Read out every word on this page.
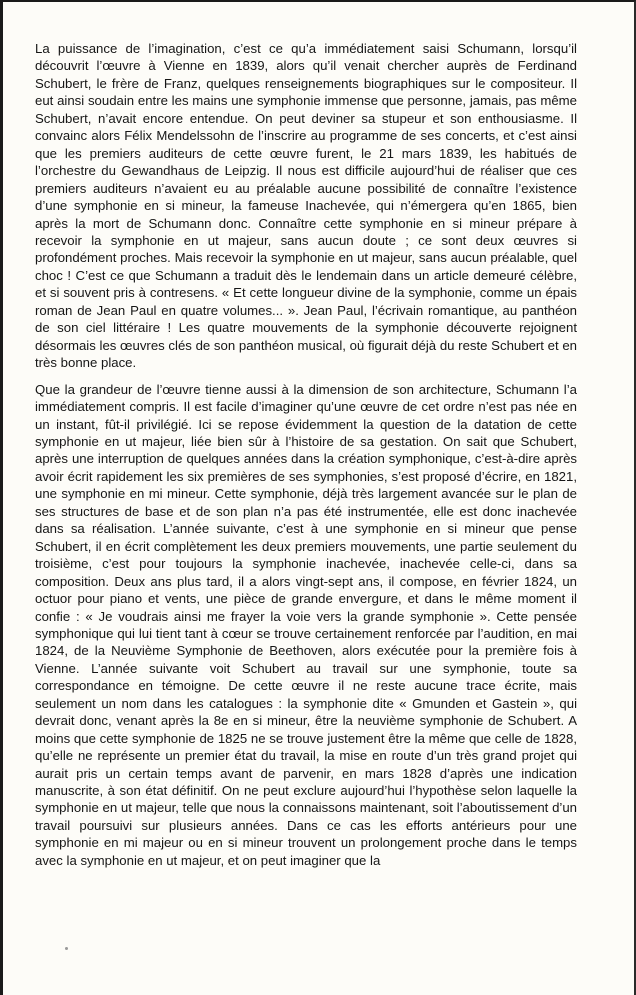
La puissance de l’imagination, c’est ce qu’a immédiatement saisi Schumann, lorsqu’il découvrit l’œuvre à Vienne en 1839, alors qu’il venait chercher auprès de Ferdinand Schubert, le frère de Franz, quelques renseignements biographiques sur le compositeur. Il eut ainsi soudain entre les mains une symphonie immense que personne, jamais, pas même Schubert, n’avait encore entendue. On peut deviner sa stupeur et son enthousiasme. Il convainc alors Félix Mendelssohn de l’inscrire au programme de ses concerts, et c’est ainsi que les premiers auditeurs de cette œuvre furent, le 21 mars 1839, les habitués de l’orchestre du Gewandhaus de Leipzig. Il nous est difficile aujourd’hui de réaliser que ces premiers auditeurs n’avaient eu au préalable aucune possibilité de connaître l’existence d’une symphonie en si mineur, la fameuse Inachevée, qui n’émergera qu’en 1865, bien après la mort de Schumann donc. Connaître cette symphonie en si mineur prépare à recevoir la symphonie en ut majeur, sans aucun doute ; ce sont deux œuvres si profondément proches. Mais recevoir la symphonie en ut majeur, sans aucun préalable, quel choc ! C’est ce que Schumann a traduit dès le lendemain dans un article demeuré célèbre, et si souvent pris à contresens. « Et cette longueur divine de la symphonie, comme un épais roman de Jean Paul en quatre volumes... ». Jean Paul, l’écrivain romantique, au panthéon de son ciel littéraire ! Les quatre mouvements de la symphonie découverte rejoignent désormais les œuvres clés de son panthéon musical, où figurait déjà du reste Schubert et en très bonne place.

Que la grandeur de l’œuvre tienne aussi à la dimension de son architecture, Schumann l’a immédiatement compris. Il est facile d’imaginer qu’une œuvre de cet ordre n’est pas née en un instant, fût-il privilégié. Ici se repose évidemment la question de la datation de cette symphonie en ut majeur, liée bien sûr à l’histoire de sa gestation. On sait que Schubert, après une interruption de quelques années dans la création symphonique, c’est-à-dire après avoir écrit rapidement les six premières de ses symphonies, s’est proposé d’écrire, en 1821, une symphonie en mi mineur. Cette symphonie, déjà très largement avancée sur le plan de ses structures de base et de son plan n’a pas été instrumentée, elle est donc inachevée dans sa réalisation. L’année suivante, c’est à une symphonie en si mineur que pense Schubert, il en écrit complètement les deux premiers mouvements, une partie seulement du troisième, c’est pour toujours la symphonie inachevée, inachevée celle-ci, dans sa composition. Deux ans plus tard, il a alors vingt-sept ans, il compose, en février 1824, un octuor pour piano et vents, une pièce de grande envergure, et dans le même moment il confie : « Je voudrais ainsi me frayer la voie vers la grande symphonie ». Cette pensée symphonique qui lui tient tant à cœur se trouve certainement renforcée par l’audition, en mai 1824, de la Neuvième Symphonie de Beethoven, alors exécutée pour la première fois à Vienne. L’année suivante voit Schubert au travail sur une symphonie, toute sa correspondance en témoigne. De cette œuvre il ne reste aucune trace écrite, mais seulement un nom dans les catalogues : la symphonie dite « Gmunden et Gastein », qui devrait donc, venant après la 8e en si mineur, être la neuvième symphonie de Schubert. A moins que cette symphonie de 1825 ne se trouve justement être la même que celle de 1828, qu’elle ne représente un premier état du travail, la mise en route d’un très grand projet qui aurait pris un certain temps avant de parvenir, en mars 1828 d’après une indication manuscrite, à son état définitif. On ne peut exclure aujourd’hui l’hypothèse selon laquelle la symphonie en ut majeur, telle que nous la connaissons maintenant, soit l’aboutissement d’un travail poursuivi sur plusieurs années. Dans ce cas les efforts antérieurs pour une symphonie en mi majeur ou en si mineur trouvent un prolongement proche dans le temps avec la symphonie en ut majeur, et on peut imaginer que la
